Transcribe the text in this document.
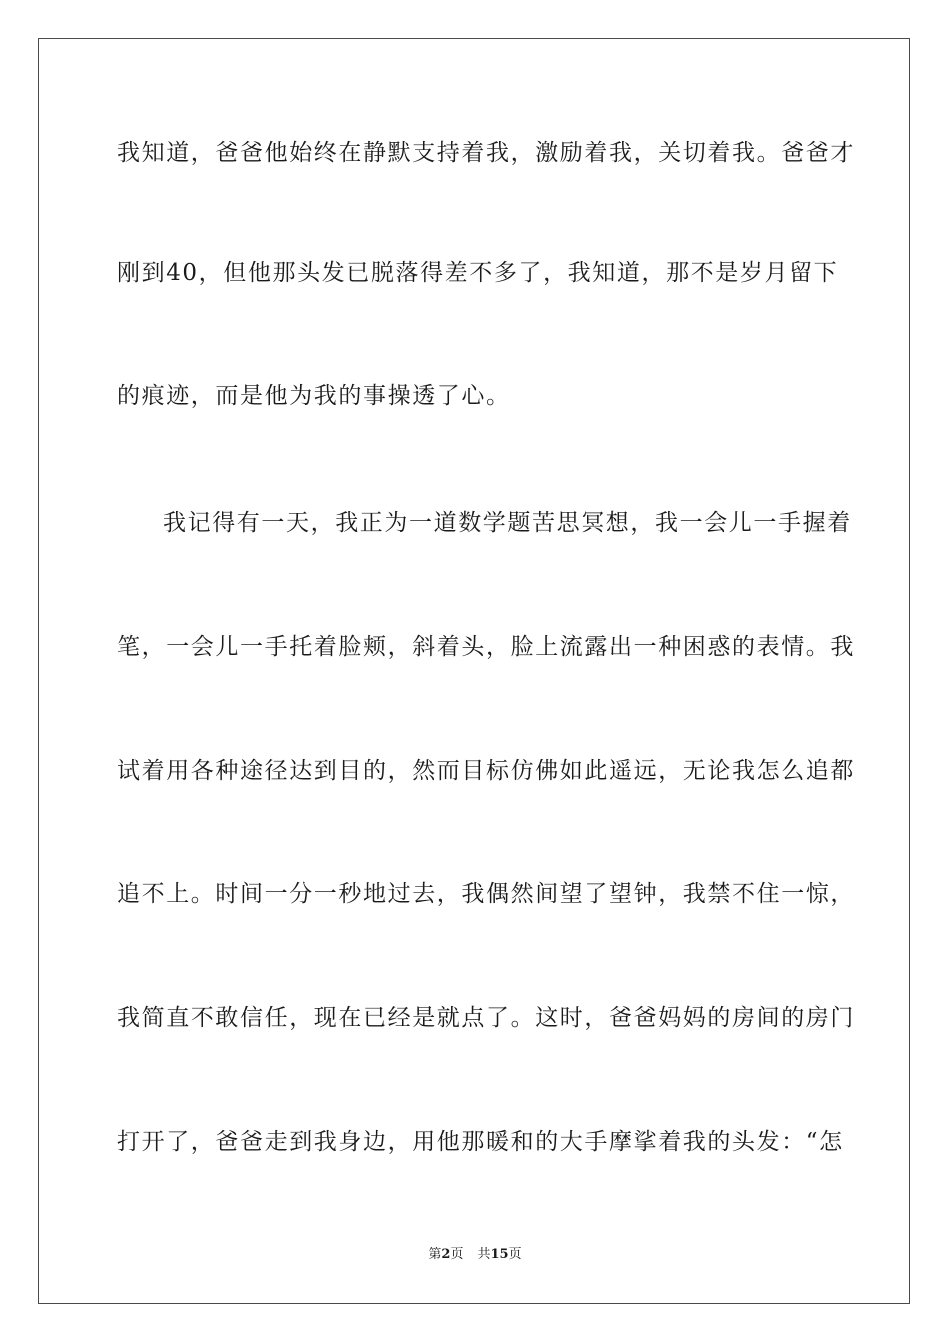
我知道，爸爸他始终在静默支持着我，激励着我，关切着我。爸爸才
刚到40，但他那头发已脱落得差不多了，我知道，那不是岁月留下
的痕迹，而是他为我的事操透了心。
我记得有一天，我正为一道数学题苦思冥想，我一会儿一手握着
笔，一会儿一手托着脸颊，斜着头，脸上流露出一种困惑的表情。我
试着用各种途径达到目的，然而目标仿佛如此遥远，无论我怎么追都
追不上。时间一分一秒地过去，我偶然间望了望钟，我禁不住一惊，
我简直不敢信任，现在已经是就点了。这时，爸爸妈妈的房间的房门
打开了，爸爸走到我身边，用他那暖和的大手摩挲着我的头发：“怎
第2页 共15页
